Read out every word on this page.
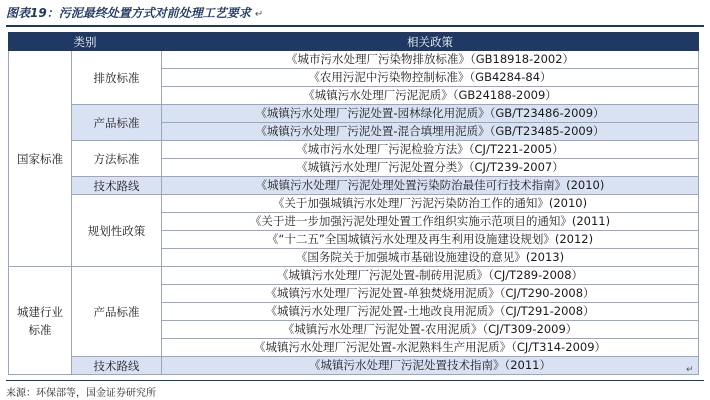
图表19：污泥最终处置方式对前处理工艺要求 ↵
类别		相关政策
国家标准	排放标准	《城市污水处理厂污染物排放标准》（GB18918-2002）
		《农用污泥中污染物控制标准》（GB4284-84）
		《城镇污水处理厂污泥泥质》（GB24188-2009）
	产品标准	《城镇污水处理厂污泥处置-园林绿化用泥质》（GB/T23486-2009）
		《城镇污水处理厂污泥处置-混合填埋用泥质》（GB/T23485-2009）
	方法标准	《城市污水处理厂污泥检验方法》（CJ/T221-2005）
		《城镇污水处理厂污泥处置分类》（CJ/T239-2007）
	技术路线	《城镇污水处理厂污泥处理处置污染防治最佳可行技术指南》(2010)
	规划性政策	《关于加强城镇污水处理厂污泥污染防治工作的通知》(2010)
		《关于进一步加强污泥处理处置工作组织实施示范项目的通知》(2011)
		《“十二五”全国城镇污水处理及再生利用设施建设规划》(2012)
		《国务院关于加强城市基础设施建设的意见》(2013)
城建行业标准	产品标准	《城镇污水处理厂污泥处置-制砖用泥质》（CJ/T289-2008）
		《城镇污水处理厂污泥处置-单独焚烧用泥质》（CJ/T290-2008）
		《城镇污水处理厂污泥处置-土地改良用泥质》（CJ/T291-2008）
		《城镇污水处理厂污泥处置-农用泥质》（CJ/T309-2009）
		《城镇污水处理厂污泥处置-水泥熟料生产用泥质》（CJ/T314-2009）
	技术路线	《城镇污水处理厂污泥处置技术指南》（2011）	↵
来源：环保部等，国金证券研究所
